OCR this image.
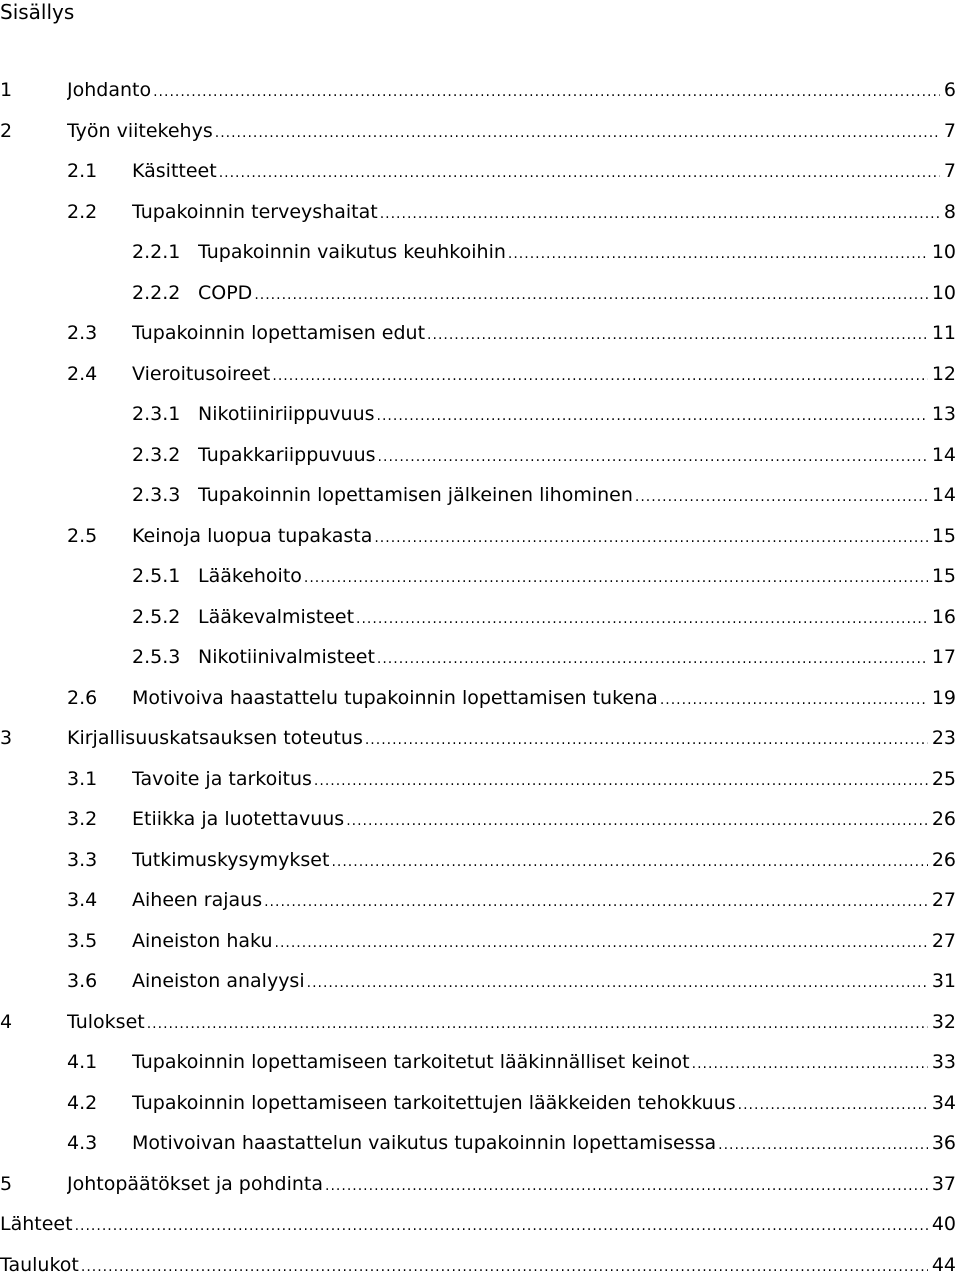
Sisällys
1	Johdanto .....	6
2	Työn viitekehys .....	7
2.1 Käsitteet .....	7
2.2 Tupakoinnin terveyshaitat .....	8
2.2.1 Tupakoinnin vaikutus keuhkoihin .....	10
2.2.2 COPD .....	10
2.3 Tupakoinnin lopettamisen edut .....	11
2.4 Vieroitusoireet .....	12
2.3.1 Nikotiiniriippuvuus .....	13
2.3.2 Tupakkariippuvuus .....	14
2.3.3 Tupakoinnin lopettamisen jälkeinen lihominen .....	14
2.5 Keinoja luopua tupakasta .....	15
2.5.1 Lääkehoito .....	15
2.5.2 Lääkevalmisteet .....	16
2.5.3 Nikotiinivalmisteet .....	17
2.6 Motivoiva haastattelu tupakoinnin lopettamisen tukena .....	19
3	Kirjallisuuskatsauksen toteutus .....	23
3.1 Tavoite ja tarkoitus .....	25
3.2 Etiikka ja luotettavuus .....	26
3.3 Tutkimuskysymykset .....	26
3.4 Aiheen rajaus .....	27
3.5 Aineiston haku .....	27
3.6 Aineiston analyysi .....	31
4	Tulokset .....	32
4.1 Tupakoinnin lopettamiseen tarkoitetut lääkinnälliset keinot .....	33
4.2 Tupakoinnin lopettamiseen tarkoitettujen lääkkeiden tehokkuus .....	34
4.3 Motivoivan haastattelun vaikutus tupakoinnin lopettamisessa .....	36
5	Johtopäätökset ja pohdinta .....	37
Lähteet .....	40
Taulukot .....	44
